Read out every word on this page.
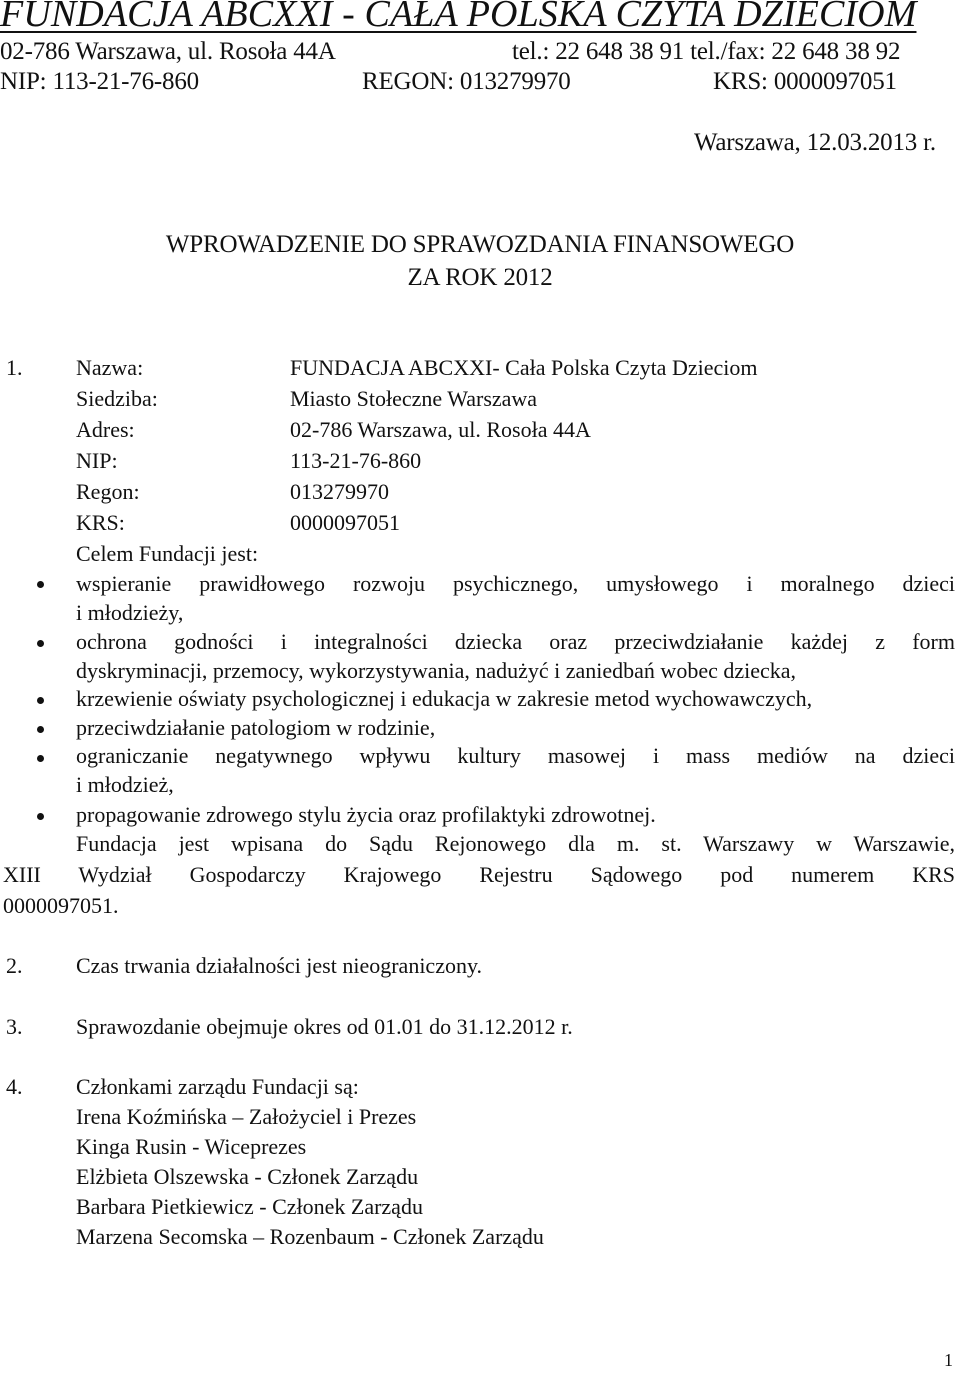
FUNDACJA ABCXXI - CAŁA POLSKA CZYTA DZIECIOM
02-786 Warszawa, ul. Rosoła 44A	tel.: 22 648 38 91 tel./fax: 22 648 38 92
NIP: 113-21-76-860	REGON: 013279970	KRS: 0000097051
Warszawa, 12.03.2013 r.
WPROWADZENIE DO SPRAWOZDANIA FINANSOWEGO
ZA ROK 2012
1. Nazwa:	FUNDACJA ABCXXI- Cała Polska Czyta Dzieciom
Siedziba:	Miasto Stołeczne Warszawa
Adres:	02-786 Warszawa, ul. Rosoła 44A
NIP:	113-21-76-860
Regon:	013279970
KRS:	0000097051
Celem Fundacji jest:
wspieranie prawidłowego rozwoju psychicznego, umysłowego i moralnego dzieci
i młodzieży,
ochrona godności i integralności dziecka oraz przeciwdziałanie każdej z form
dyskryminacji, przemocy, wykorzystywania, nadużyć i zaniedbań wobec dziecka,
krzewienie oświaty psychologicznej i edukacja w zakresie metod wychowawczych,
przeciwdziałanie patologiom w rodzinie,
ograniczanie negatywnego wpływu kultury masowej i mass mediów na dzieci
i młodzież,
propagowanie zdrowego stylu życia oraz profilaktyki zdrowotnej.
Fundacja jest wpisana do Sądu Rejonowego dla m. st. Warszawy w Warszawie,
XIII Wydział Gospodarczy Krajowego Rejestru Sądowego pod numerem KRS
0000097051.
2. Czas trwania działalności jest nieograniczony.
3. Sprawozdanie obejmuje okres od 01.01 do 31.12.2012 r.
4. Członkami zarządu Fundacji są:
Irena Koźmińska – Założyciel i Prezes
Kinga Rusin - Wiceprezes
Elżbieta Olszewska - Członek Zarządu
Barbara Pietkiewicz - Członek Zarządu
Marzena Secomska – Rozenbaum - Członek Zarządu
1
